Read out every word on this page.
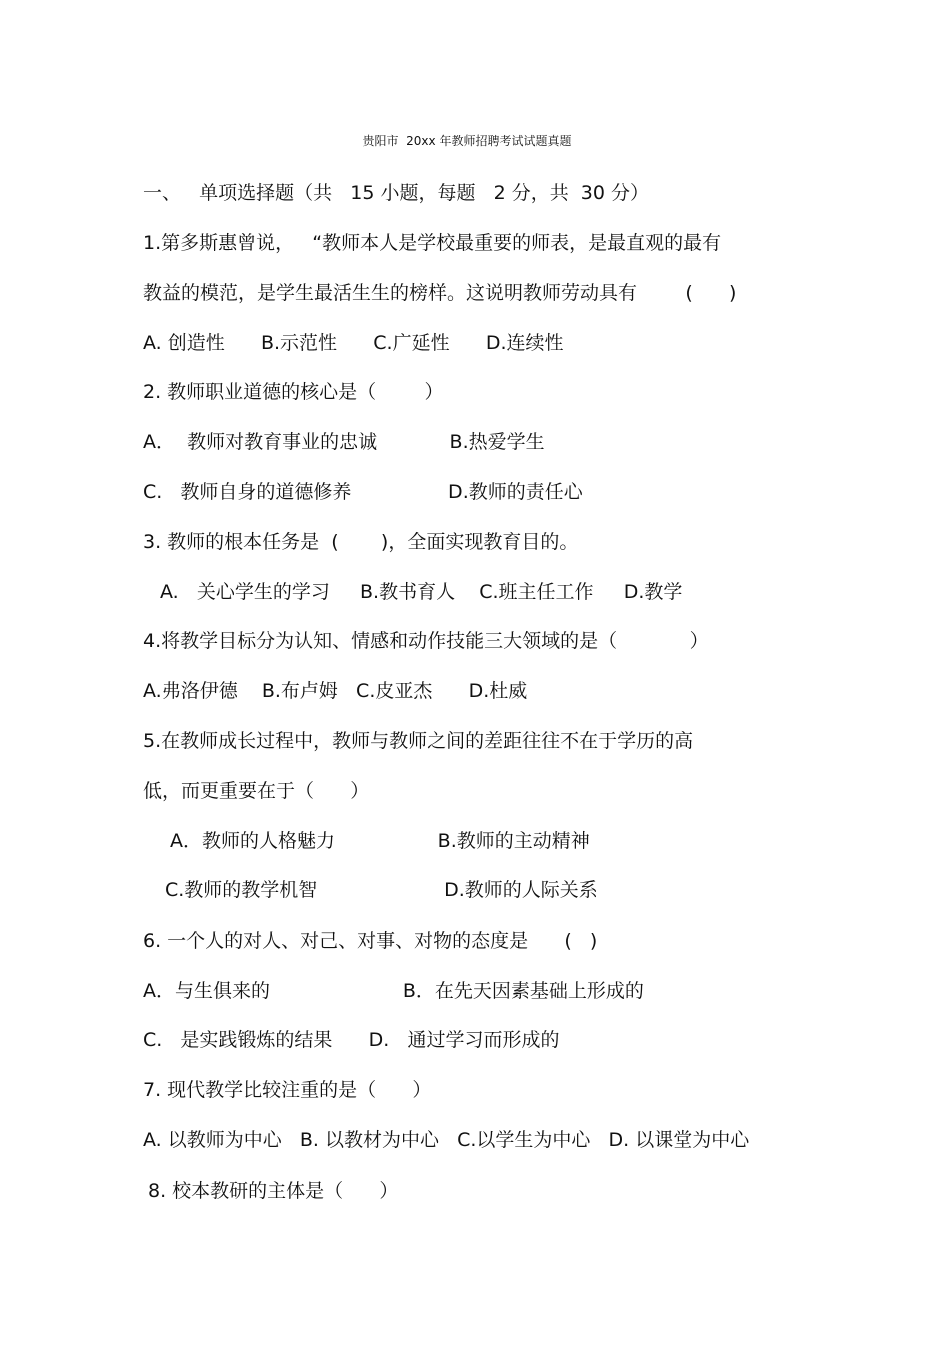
贵阳市  20xx 年教师招聘考试试题真题
一、   单项选择题（共   15 小题，每题   2 分，共  30 分）
1.第多斯惠曾说，   “教师本人是学校最重要的师表，是最直观的最有
教益的模范，是学生最活生生的榜样。这说明教师劳动具有        (      )
A. 创造性      B.示范性      C.广延性      D.连续性
2. 教师职业道德的核心是（        ）
A．  教师对教育事业的忠诚            B.热爱学生
C.   教师自身的道德修养                D.教师的责任心
3. 教师的根本任务是  (       )，全面实现教育目的。
A.   关心学生的学习     B.教书育人    C.班主任工作     D.教学
4.将教学目标分为认知、情感和动作技能三大领域的是（            ）
A.弗洛伊德    B.布卢姆   C.皮亚杰      D.杜威
5.在教师成长过程中，教师与教师之间的差距往往不在于学历的高
低，而更重要在于（      ）
A．教师的人格魅力                 B.教师的主动精神
C.教师的教学机智                     D.教师的人际关系
6. 一个人的对人、对己、对事、对物的态度是      (   )
A．与生俱来的                      B．在先天因素基础上形成的
C.   是实践锻炼的结果      D.   通过学习而形成的
7. 现代教学比较注重的是（      ）
A. 以教师为中心   B. 以教材为中心   C.以学生为中心   D. 以课堂为中心
8. 校本教研的主体是（      ）
